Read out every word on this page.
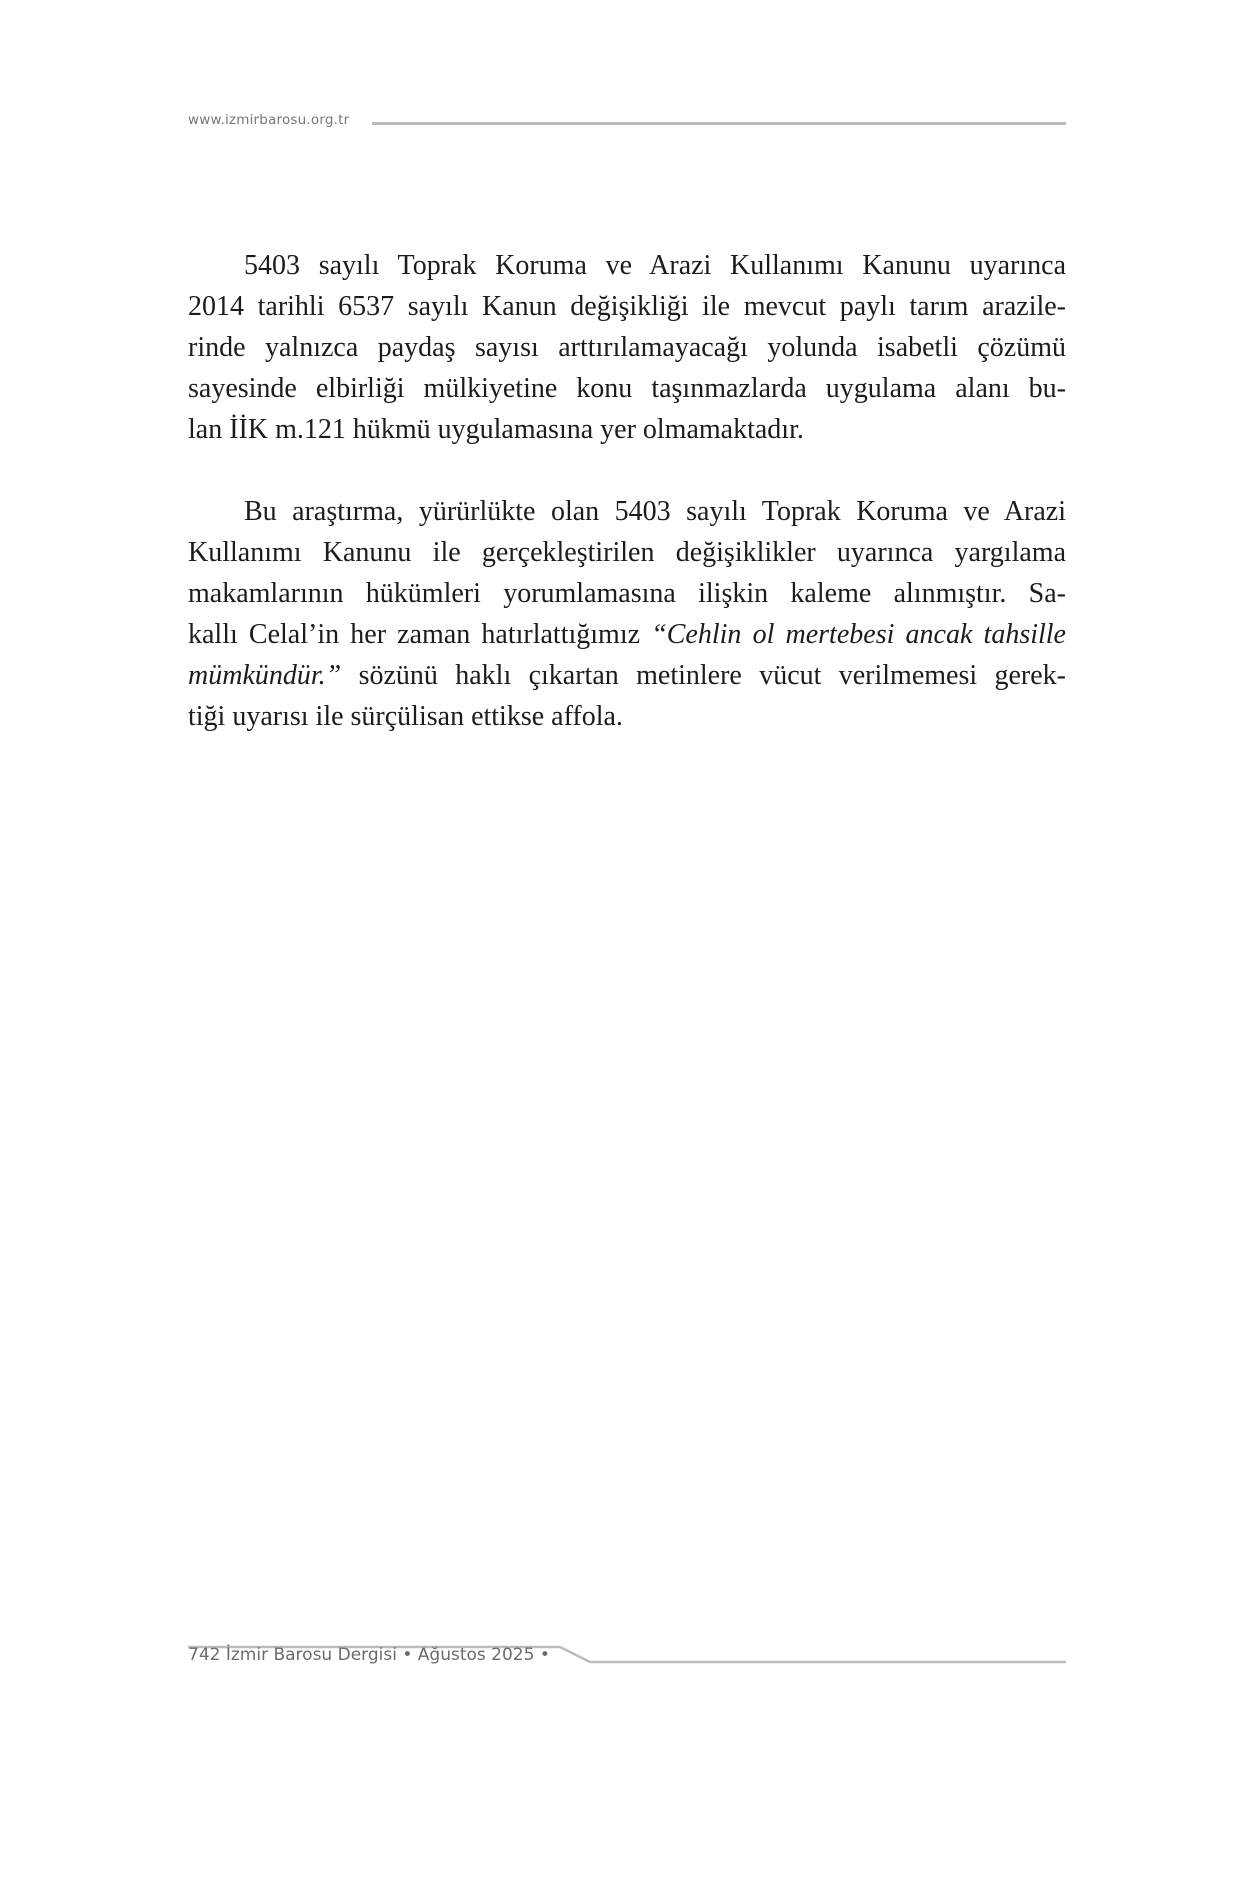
www.izmirbarosu.org.tr
5403 sayılı Toprak Koruma ve Arazi Kullanımı Kanunu uyarınca
2014 tarihli 6537 sayılı Kanun değişikliği ile mevcut paylı tarım arazile-
rinde yalnızca paydaş sayısı arttırılamayacağı yolunda isabetli çözümü
sayesinde elbirliği mülkiyetine konu taşınmazlarda uygulama alanı bu-
lan İİK m.121 hükmü uygulamasına yer olmamaktadır.
Bu araştırma, yürürlükte olan 5403 sayılı Toprak Koruma ve Arazi
Kullanımı Kanunu ile gerçekleştirilen değişiklikler uyarınca yargılama
makamlarının hükümleri yorumlamasına ilişkin kaleme alınmıştır. Sa-
kallı Celal’in her zaman hatırlattığımız “Cehlin ol mertebesi ancak tahsille
mümkündür.” sözünü haklı çıkartan metinlere vücut verilmemesi gerek-
tiği uyarısı ile sürçülisan ettikse affola.
742 İzmir Barosu Dergisi • Ağustos 2025 •
